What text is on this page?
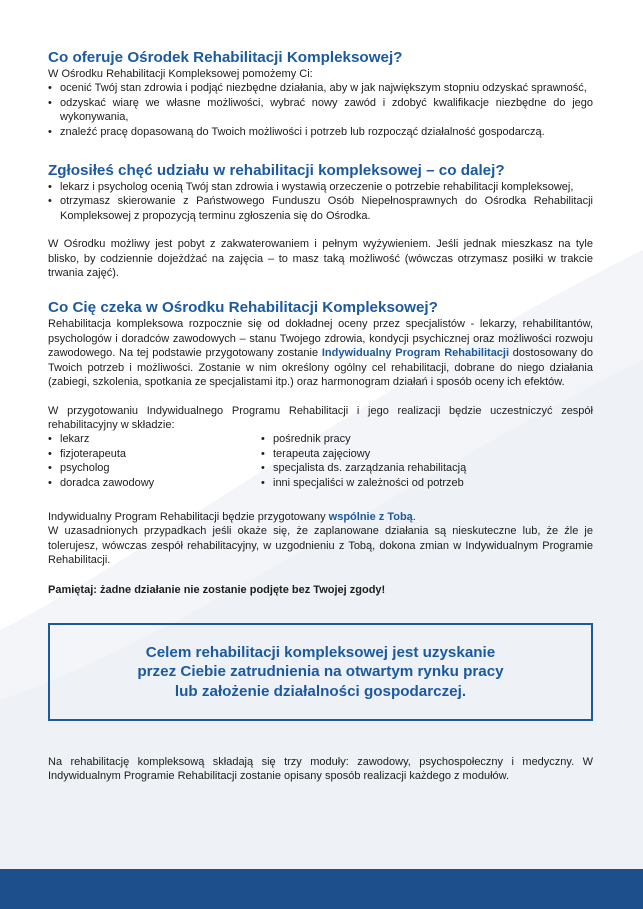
Co oferuje Ośrodek Rehabilitacji Kompleksowej?

W Ośrodku Rehabilitacji Kompleksowej pomożemy Ci:

• ocenić Twój stan zdrowia i podjąć niezbędne działania, aby w jak największym stopniu odzyskać sprawność,
• odzyskać wiarę we własne możliwości, wybrać nowy zawód i zdobyć kwalifikacje niezbędne do jego wykonywania,
• znaleźć pracę dopasowaną do Twoich możliwości i potrzeb lub rozpocząć działalność gospodarczą.
Zgłosiłeś chęć udziału w rehabilitacji kompleksowej – co dalej?
• lekarz i psycholog ocenią Twój stan zdrowia i wystawią orzeczenie o potrzebie rehabilitacji kompleksowej,
• otrzymasz skierowanie z Państwowego Funduszu Osób Niepełnosprawnych do Ośrodka Rehabilitacji Kompleksowej z propozycją terminu zgłoszenia się do Ośrodka.

W Ośrodku możliwy jest pobyt z zakwaterowaniem i pełnym wyżywieniem. Jeśli jednak mieszkasz na tyle blisko, by codziennie dojeżdżać na zajęcia – to masz taką możliwość (wówczas otrzymasz posiłki w trakcie trwania zajęć).

Co Cię czeka w Ośrodku Rehabilitacji Kompleksowej?

Rehabilitacja kompleksowa rozpocznie się od dokładnej oceny przez specjalistów - lekarzy, rehabilitantów, psychologów i doradców zawodowych – stanu Twojego zdrowia, kondycji psychicznej oraz możliwości rozwoju zawodowego. Na tej podstawie przygotowany zostanie Indywidualny Program Rehabilitacji dostosowany do Twoich potrzeb i możliwości. Zostanie w nim określony ogólny cel rehabilitacji, dobrane do niego działania (zabiegi, szkolenia, spotkania ze specjalistami itp.) oraz harmonogram działań i sposób oceny ich efektów.

W przygotowaniu Indywidualnego Programu Rehabilitacji i jego realizacji będzie uczestniczyć zespół rehabilitacyjny w składzie:

• lekarz
• fizjoterapeuta
• psycholog
• doradca zawodowy
• pośrednik pracy
• terapeuta zajęciowy
• specjalista ds. zarządzania rehabilitacją
• inni specjaliści w zależności od potrzeb

Indywidualny Program Rehabilitacji będzie przygotowany wspólnie z Tobą.

W uzasadnionych przypadkach jeśli okaże się, że zaplanowane działania są nieskuteczne lub, że źle je tolerujesz, wówczas zespół rehabilitacyjny, w uzgodnieniu z Tobą, dokona zmian w Indywidualnym Programie Rehabilitacji.

Pamiętaj: żadne działanie nie zostanie podjęte bez Twojej zgody!

Celem rehabilitacji kompleksowej jest uzyskanie
przez Ciebie zatrudnienia na otwartym rynku pracy
lub założenie działalności gospodarczej.

Na rehabilitację kompleksową składają się trzy moduły: zawodowy, psychospołeczny i medyczny. W Indywidualnym Programie Rehabilitacji zostanie opisany sposób realizacji każdego z modułów.
